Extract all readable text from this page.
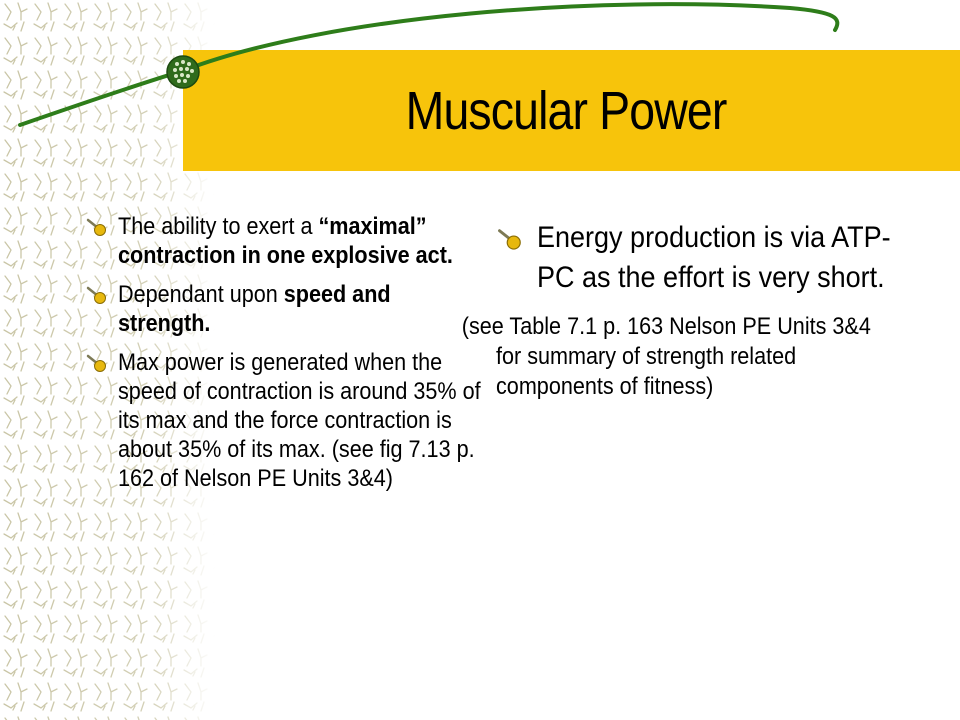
Muscular Power
The ability to exert a “maximal” contraction in one explosive act.
Dependant upon speed and strength.
Max power is generated when the speed of contraction is around 35% of its max and the force contraction is about 35% of its max. (see fig 7.13 p. 162 of Nelson PE Units 3&4)
Energy production is via ATP-PC as the effort is very short.
(see Table 7.1 p. 163 Nelson PE Units 3&4 for summary of strength related components of fitness)
